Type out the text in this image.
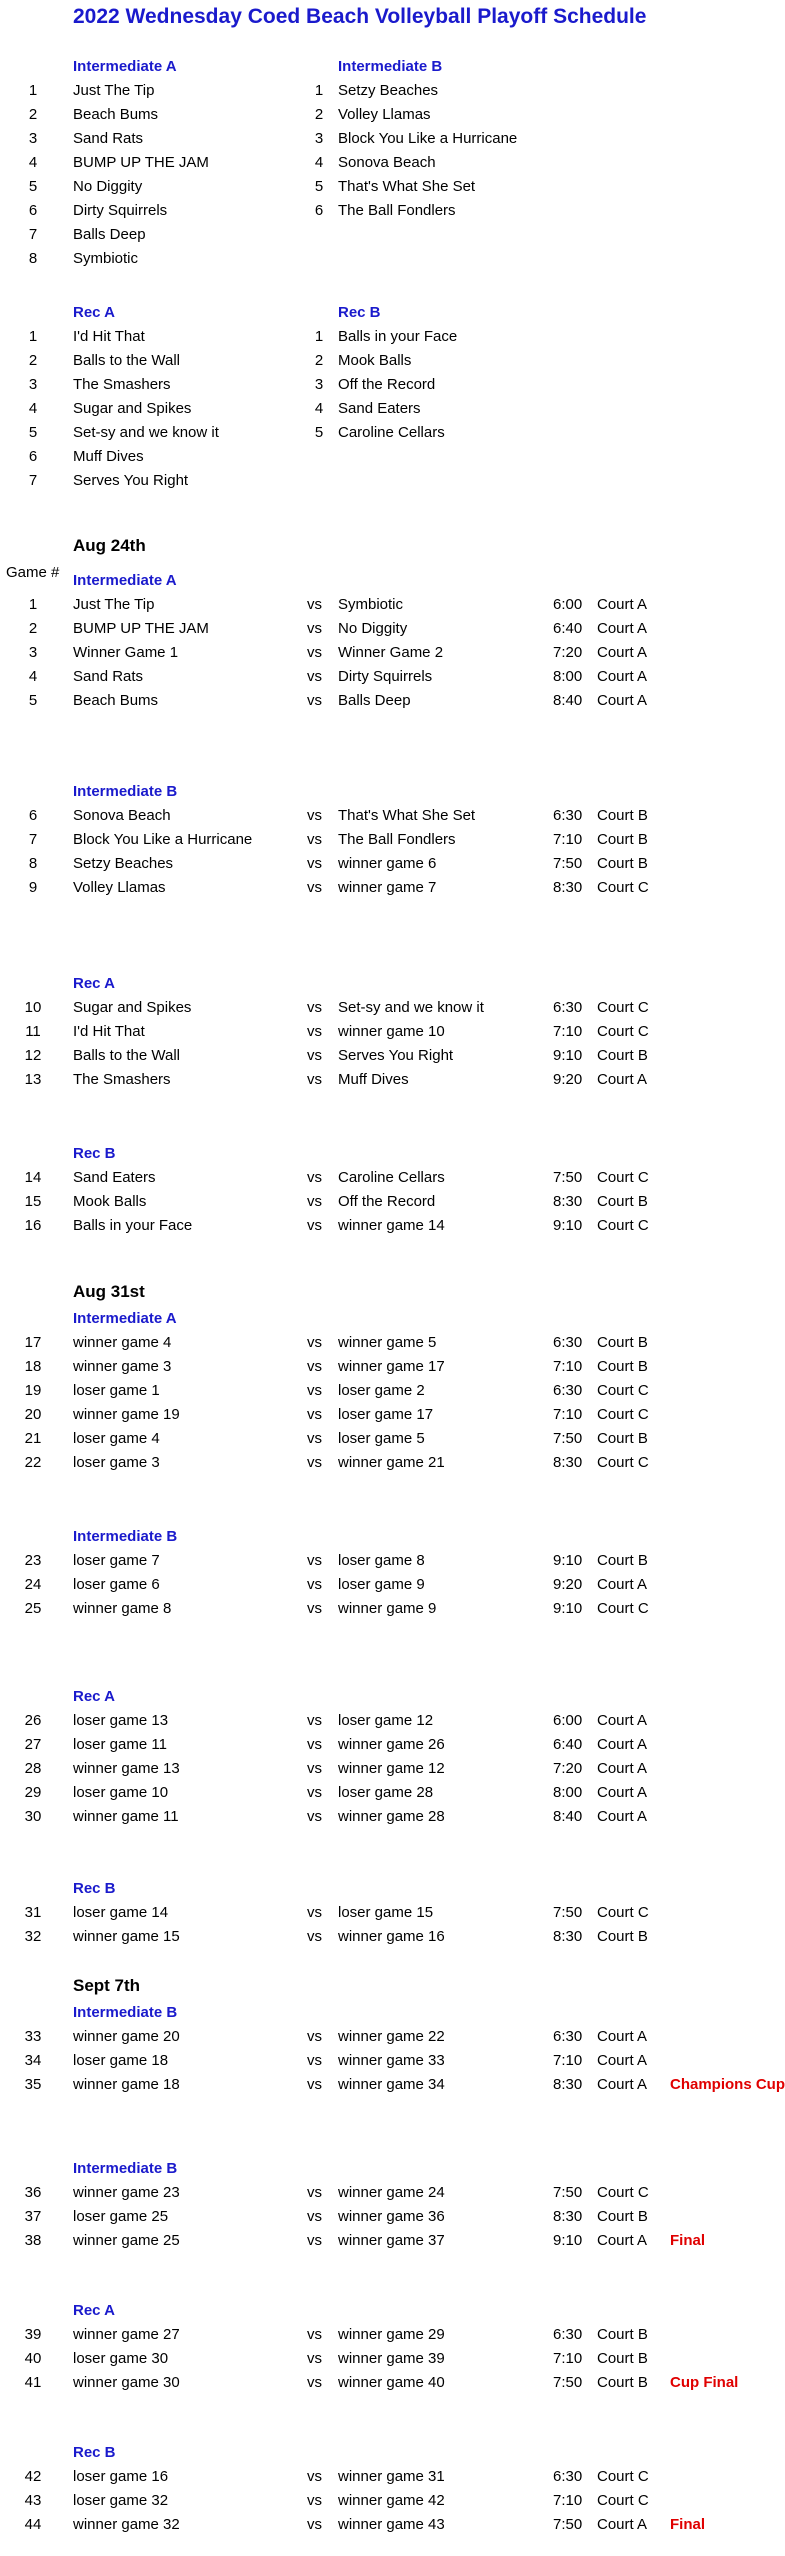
2022 Wednesday Coed Beach Volleyball Playoff Schedule
Intermediate A
1	Just The Tip
2	Beach Bums
3	Sand Rats
4	BUMP UP THE JAM
5	No Diggity
6	Dirty Squirrels
7	Balls Deep
8	Symbiotic
Intermediate B
1 Setzy Beaches
2 Volley Llamas
3 Block You Like a Hurricane
4 Sonova Beach
5 That's What She Set
6 The Ball Fondlers
Rec A
1	I'd Hit That
2	Balls to the Wall
3	The Smashers
4	Sugar and Spikes
5	Set-sy and we know it
6	Muff Dives
7	Serves You Right
Rec B
1 Balls in your Face
2 Mook Balls
3 Off the Record
4 Sand Eaters
5 Caroline Cellars
Aug 24th
Game # Intermediate A
1	Just The Tip	vs Symbiotic	6:00 Court A
2	BUMP UP THE JAM	vs No Diggity	6:40 Court A
3	Winner Game 1	vs Winner Game 2	7:20 Court A
4	Sand Rats	vs Dirty Squirrels	8:00 Court A
5	Beach Bums	vs Balls Deep	8:40 Court A
Intermediate B
6	Sonova Beach	vs That's What She Set	6:30 Court B
7	Block You Like a Hurricane	vs The Ball Fondlers	7:10 Court B
8	Setzy Beaches	vs winner game 6	7:50 Court B
9	Volley Llamas	vs winner game 7	8:30 Court C
Rec A
10	Sugar and Spikes	vs Set-sy and we know it	6:30 Court C
11	I'd Hit That	vs winner game 10	7:10 Court C
12	Balls to the Wall	vs Serves You Right	9:10 Court B
13	The Smashers	vs Muff Dives	9:20 Court A
Rec B
14	Sand Eaters	vs Caroline Cellars	7:50 Court C
15	Mook Balls	vs Off the Record	8:30 Court B
16	Balls in your Face	vs winner game 14	9:10 Court C
Aug 31st
Intermediate A
17	winner game 4	vs winner game 5	6:30 Court B
18	winner game 3	vs winner game 17	7:10 Court B
19	loser game 1	vs loser game 2	6:30 Court C
20	winner game 19	vs loser game 17	7:10 Court C
21	loser game 4	vs loser game 5	7:50 Court B
22	loser game 3	vs winner game 21	8:30 Court C
Intermediate B
23	loser game 7	vs loser game 8	9:10 Court B
24	loser game 6	vs loser game 9	9:20 Court A
25	winner game 8	vs winner game 9	9:10 Court C
Rec A
26	loser game 13	vs loser game 12	6:00 Court A
27	loser game 11	vs winner game 26	6:40 Court A
28	winner game 13	vs winner game 12	7:20 Court A
29	loser game 10	vs loser game 28	8:00 Court A
30	winner game 11	vs winner game 28	8:40 Court A
Rec B
31	loser game 14	vs loser game 15	7:50 Court C
32	winner game 15	vs winner game 16	8:30 Court B
Sept 7th
Intermediate B
33	winner game 20	vs winner game 22	6:30 Court A
34	loser game 18	vs winner game 33	7:10 Court A
35	winner game 18	vs winner game 34	8:30 Court A Champions Cup
Intermediate B
36	winner game 23	vs winner game 24	7:50 Court C
37	loser game 25	vs winner game 36	8:30 Court B
38	winner game 25	vs winner game 37	9:10 Court A Final
Rec A
39	winner game 27	vs winner game 29	6:30 Court B
40	loser game 30	vs winner game 39	7:10 Court B
41	winner game 30	vs winner game 40	7:50 Court B Cup Final
Rec B
42	loser game 16	vs winner game 31	6:30 Court C
43	loser game 32	vs winner game 42	7:10 Court C
44	winner game 32	vs winner game 43	7:50 Court A Final
